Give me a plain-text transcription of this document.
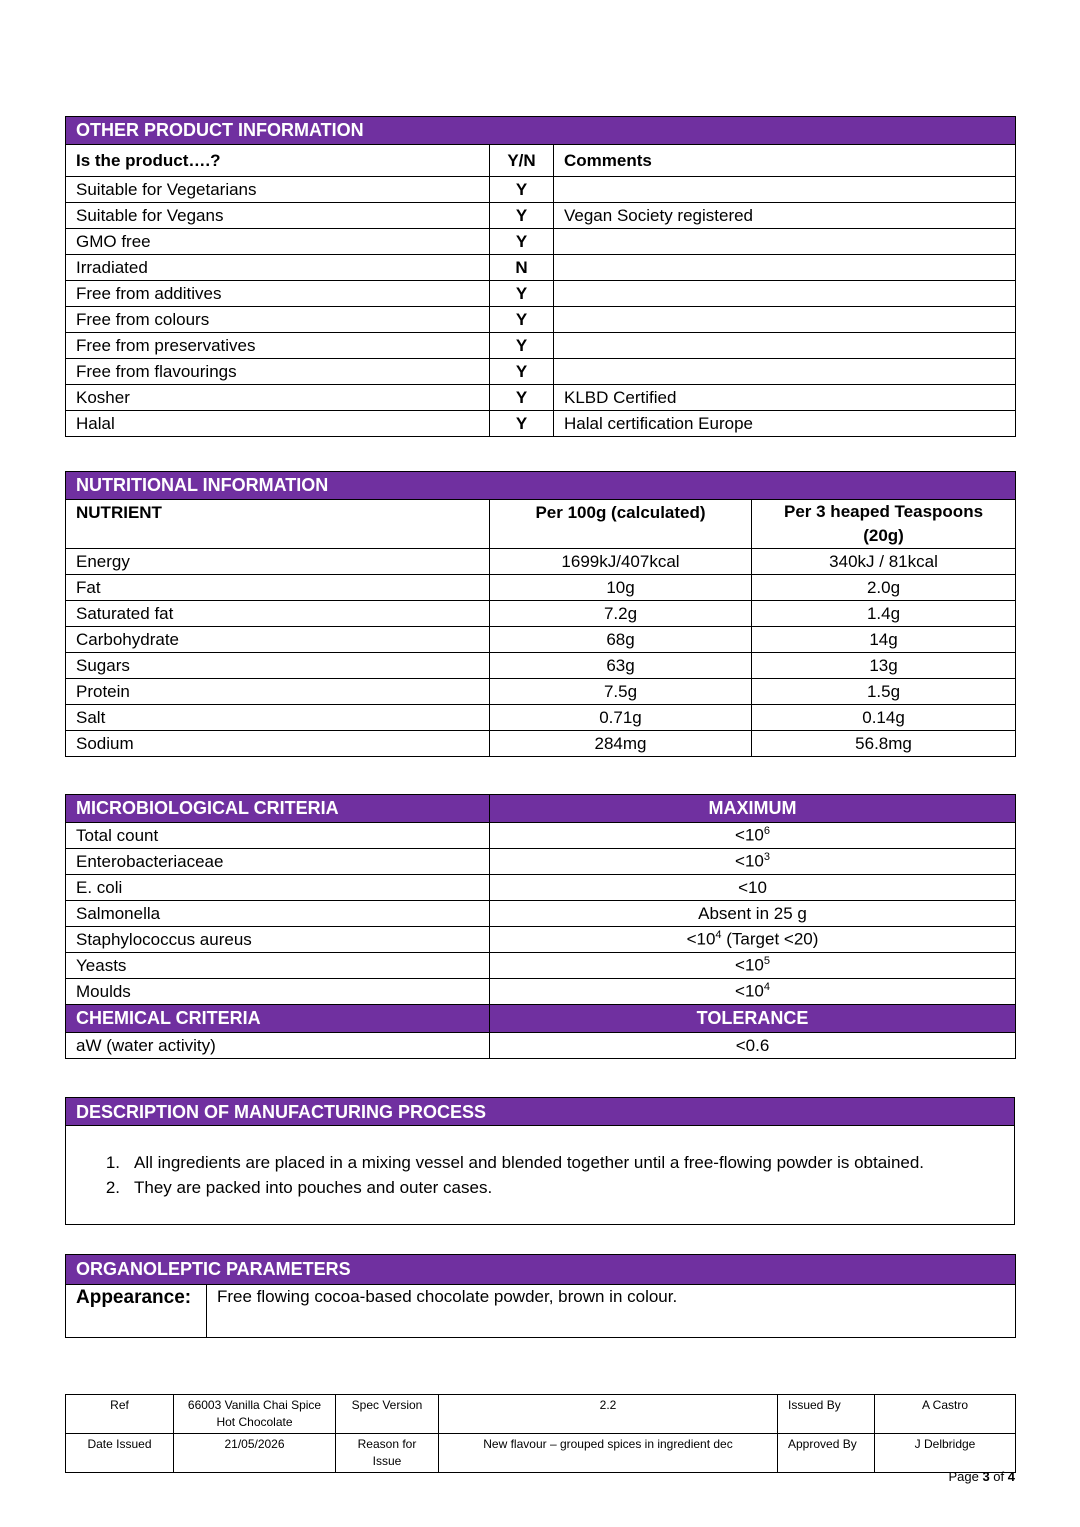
OTHER PRODUCT INFORMATION		
Is the product….?	Y/N	Comments
Suitable for Vegetarians	Y	
Suitable for Vegans	Y	Vegan Society registered
GMO free	Y	
Irradiated	N	
Free from additives	Y	
Free from colours	Y	
Free from preservatives	Y	
Free from flavourings	Y	
Kosher	Y	KLBD Certified
Halal	Y	Halal certification Europe
NUTRITIONAL INFORMATION		
NUTRIENT	Per 100g (calculated)	Per 3 heaped Teaspoons (20g)
Energy	1699kJ/407kcal	340kJ / 81kcal
Fat	10g	2.0g
Saturated fat	7.2g	1.4g
Carbohydrate	68g	14g
Sugars	63g	13g
Protein	7.5g	1.5g
Salt	0.71g	0.14g
Sodium	284mg	56.8mg
MICROBIOLOGICAL CRITERIA	MAXIMUM
Total count	$<10^6$
Enterobacteriaceae	$<10^3$
E. coli	<10
Salmonella	Absent in 25 g
Staphylococcus aureus	$<10^4$ (Target <20)
Yeasts	$<10^5$
Moulds	$<10^4$
CHEMICAL CRITERIA	TOLERANCE
aW (water activity)	<0.6
DESCRIPTION OF MANUFACTURING PROCESS
1. All ingredients are placed in a mixing vessel and blended together until a free-flowing powder is obtained.
2. They are packed into pouches and outer cases.
ORGANOLEPTIC PARAMETERS
Appearance:	Free flowing cocoa-based chocolate powder, brown in colour.
Ref	66003 Vanilla Chai Spice Hot Chocolate	Spec Version	2.2	Issued By	A Castro
Date Issued	21/05/2026	Reason for Issue	New flavour – grouped spices in ingredient dec	Approved By	J Delbridge
Page 3 of 4
